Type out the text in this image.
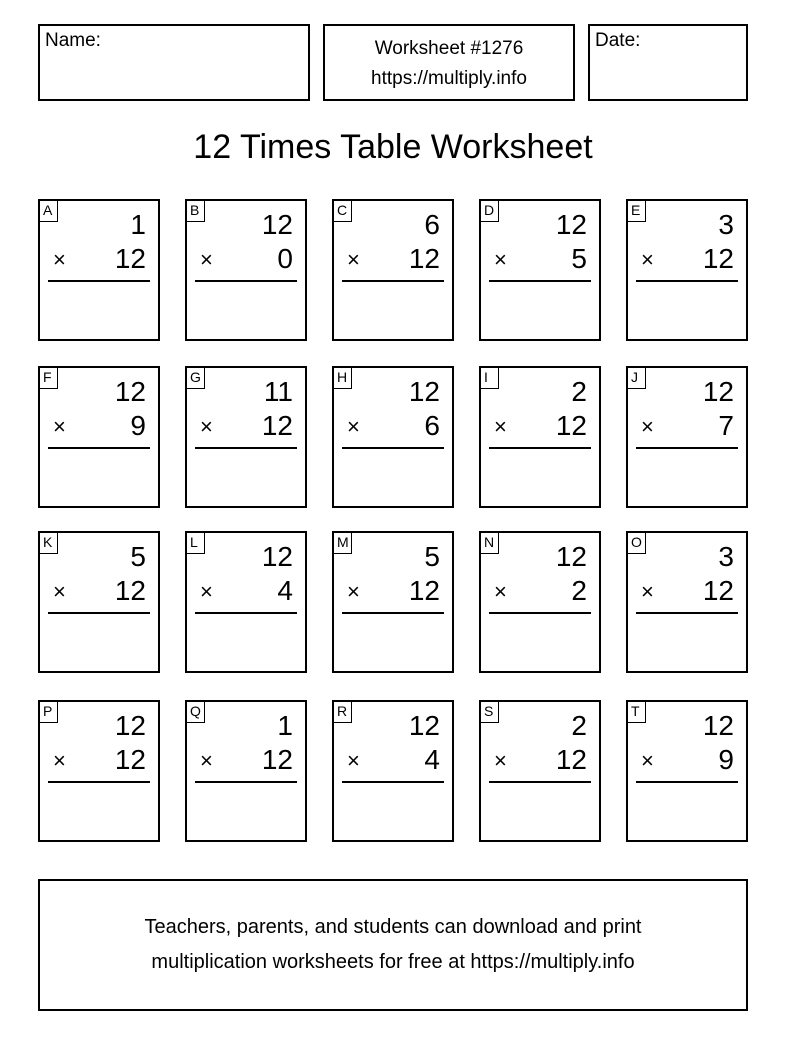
Name:	Worksheet #1276
https://multiply.info
Date:
12 Times Table Worksheet
A	1
× 12
B 12
× 0
C	6
× 12
D 12
× 5
E	3
× 12
F 12
× 9
G 11
× 12
H 12
× 6
I	2
× 12
J 12
× 7
K	5
× 12
L 12
× 4
M	5
× 12
N 12
× 2
O	3
× 12
P 12
× 12
Q	1
× 12
R 12
× 4
S	2
× 12
T 12
× 9
Teachers, parents, and students can download and print
multiplication worksheets for free at https://multiply.info
